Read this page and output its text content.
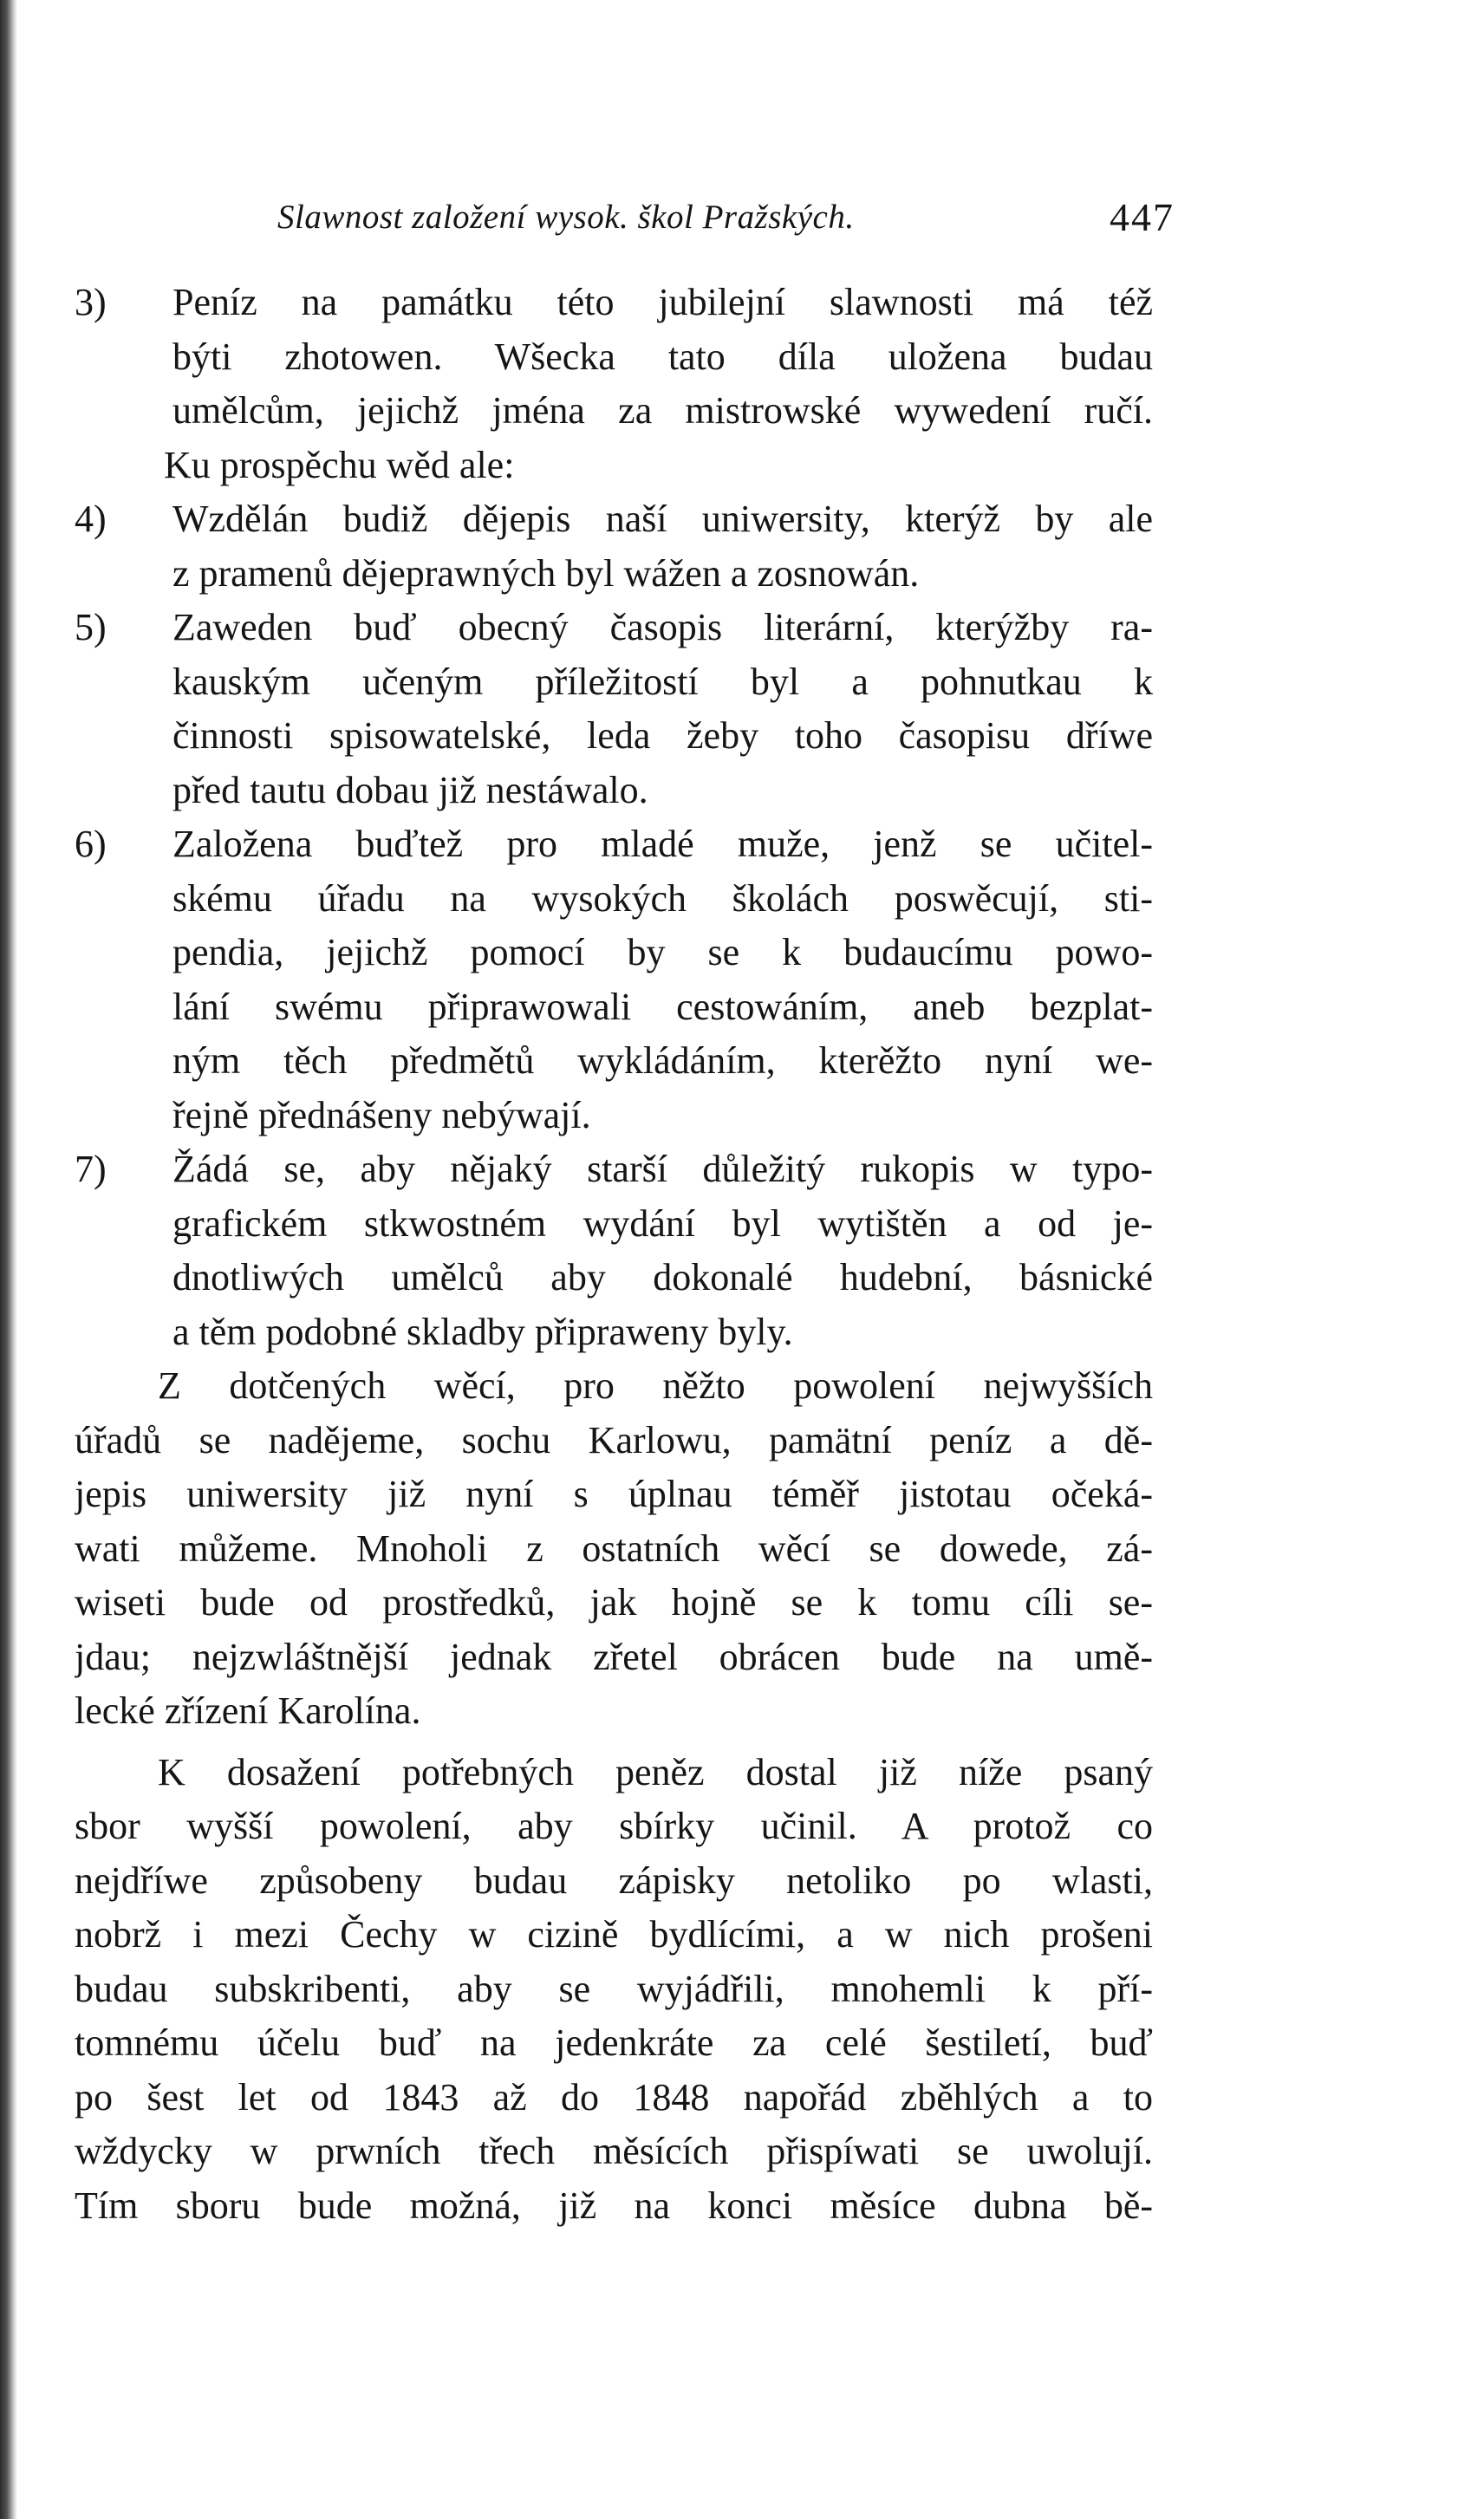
Slawnost založení wysok. škol Pražských.	447
3) Peníz na památku této jubilejní slawnosti má též
býti zhotowen. Wšecka tato díla uložena budau
umělcům, jejichž jména za mistrowské wywedení ručí.
Ku prospěchu wěd ale:
4) Wzdělán budiž dějepis naší uniwersity, kterýž by ale
z pramenů dějeprawných byl wážen a zosnowán.
5) Zaweden buď obecný časopis literární, kterýžby ra-
kauským učeným příležitostí byl a pohnutkau k
činnosti spisowatelské, leda žeby toho časopisu dříwe
před tautu dobau již nestáwalo.
6) Založena buďtež pro mladé muže, jenž se učitel-
skému úřadu na wysokých školách poswěcují, sti-
pendia, jejichž pomocí by se k budaucímu powo-
lání swému připrawowali cestowáním, aneb bezplat-
ným těch předmětů wykládáním, kterěžto nyní we-
řejně přednášeny nebýwají.
7) Žádá se, aby nějaký starší důležitý rukopis w typo-
grafickém stkwostném wydání byl wytištěn a od je-
dnotliwých umělců aby dokonalé hudební, básnické
a těm podobné skladby připraweny byly.
Z dotčených wěcí, pro něžto powolení nejwyšších
úřadů se naděje​me, sochu Karlowu, pamätní peníz a dě-
jepis uniwersity již nyní s úplnau téměř jistotau očeká-
wati můžeme. Mnoholi z ostatních wěcí se dowede, zá-
wiseti bude od prostředků, jak hojně se k tomu cíli se-
jdau; nejzwláštnější jednak zřetel obrácen bude na umě-
lecké zřízení Karolína.
K dosažení potřebných peněz dostal již níže psaný
sbor wyšší powolení, aby sbírky učinil. A protož co
nejdříwe způsobeny budau zápisky netoliko po wlasti,
nobrž i mezi Čechy w cizině bydlícími, a w nich prošeni
budau subskribenti, aby se wyjádřili, mnohemli k pří-
tomnému účelu buď na jedenkráte za celé šestiletí, buď
po šest let od 1843 až do 1848 napořád zběhlých a to
wždycky w prwních třech měsících přispíwati se uwolují.
Tím sboru bude možná, již na konci měsíce dubna bě-
